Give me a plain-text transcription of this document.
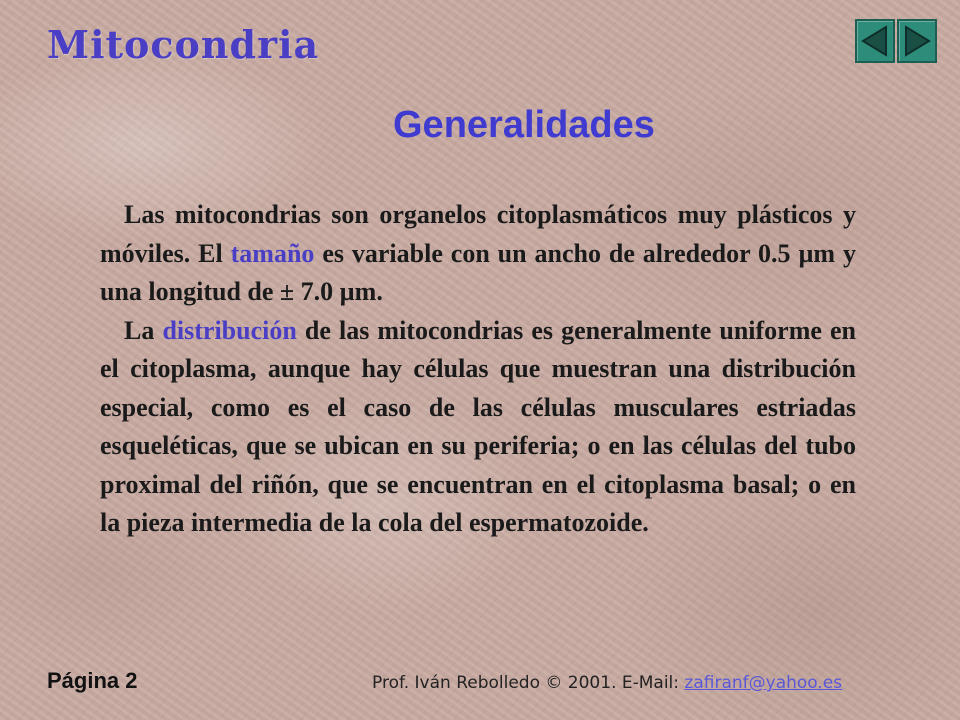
Mitocondria
Generalidades

Las mitocondrias son organelos citoplasmáticos muy plásticos y móviles. El tamaño es variable con un ancho de alrededor 0.5 µm y una longitud de ± 7.0 µm.

La distribución de las mitocondrias es generalmente uniforme en el citoplasma, aunque hay células que muestran una distribución especial, como es el caso de las células musculares estriadas esqueléticas, que se ubican en su periferia; o en las células del tubo proximal del riñón, que se encuentran en el citoplasma basal; o en la pieza intermedia de la cola del espermatozoide.

Página 2	Prof. Iván Rebolledo © 2001. E-Mail: zafiranf@yahoo.es
